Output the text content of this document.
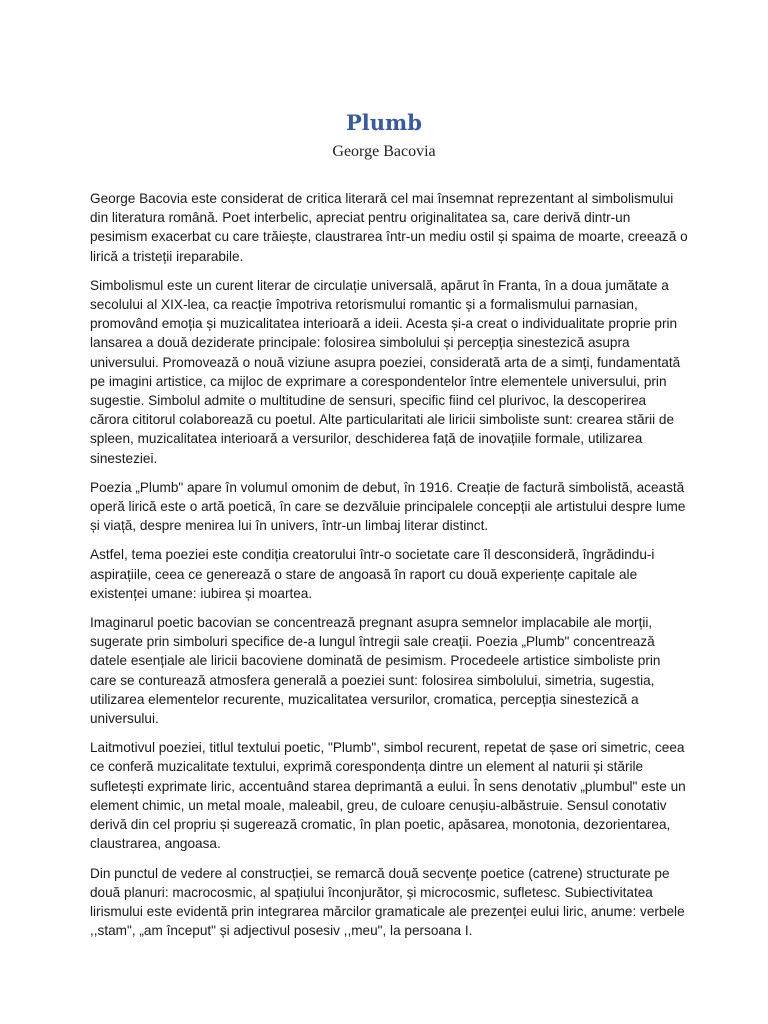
Plumb
George Bacovia

George Bacovia este considerat de critica literară cel mai însemnat reprezentant al simbolismului din literatura română. Poet interbelic, apreciat pentru originalitatea sa, care derivă dintr-un pesimism exacerbat cu care trăiește, claustrarea într-un mediu ostil și spaima de moarte, creează o lirică a tristeții ireparabile.

Simbolismul este un curent literar de circulație universală, apărut în Franta, în a doua jumătate a secolului al XIX-lea, ca reacție împotriva retorismului romantic și a formalismului parnasian, promovând emoția și muzicalitatea interioară a ideii. Acesta și-a creat o individualitate proprie prin lansarea a două deziderate principale: folosirea simbolului și percepția sinestezică asupra universului. Promovează o nouă viziune asupra poeziei, considerată arta de a simți, fundamentată pe imagini artistice, ca mijloc de exprimare a corespondentelor între elementele universului, prin sugestie. Simbolul admite o multitudine de sensuri, specific fiind cel plurivoc, la descoperirea cărora cititorul colaborează cu poetul. Alte particularitati ale liricii simboliste sunt: crearea stării de spleen, muzicalitatea interioară a versurilor, deschiderea față de inovațiile formale, utilizarea sinesteziei.

Poezia „Plumb" apare în volumul omonim de debut, în 1916. Creație de factură simbolistă, această operă lirică este o artă poetică, în care se dezvăluie principalele concepții ale artistului despre lume și viață, despre menirea lui în univers, într-un limbaj literar distinct.

Astfel, tema poeziei este condiția creatorului într-o societate care îl desconsideră, îngrădindu-i aspirațiile, ceea ce generează o stare de angoasă în raport cu două experiențe capitale ale existenței umane: iubirea și moartea.

Imaginarul poetic bacovian se concentrează pregnant asupra semnelor implacabile ale morții, sugerate prin simboluri specifice de-a lungul întregii sale creații. Poezia „Plumb" concentrează datele esențiale ale liricii bacoviene dominată de pesimism. Procedeele artistice simboliste prin care se conturează atmosfera generală a poeziei sunt: folosirea simbolului, simetria, sugestia, utilizarea elementelor recurente, muzicalitatea versurilor, cromatica, percepția sinestezică a universului.

Laitmotivul poeziei, titlul textului poetic, "Plumb", simbol recurent, repetat de șase ori simetric, ceea ce conferă muzicalitate textului, exprimă corespondența dintre un element al naturii și stările sufletești exprimate liric, accentuând starea deprimantă a eului. În sens denotativ „plumbul" este un element chimic, un metal moale, maleabil, greu, de culoare cenușiu-albăstruie. Sensul conotativ derivă din cel propriu și sugerează cromatic, în plan poetic, apăsarea, monotonia, dezorientarea, claustrarea, angoasa.

Din punctul de vedere al construcției, se remarcă două secvențe poetice (catrene) structurate pe două planuri: macrocosmic, al spațiului înconjurător, și microcosmic, sufletesc. Subiectivitatea lirismului este evidentă prin integrarea mărcilor gramaticale ale prezenței eului liric, anume: verbele ,,stam", „am început" și adjectivul posesiv ,,meu", la persoana I.
